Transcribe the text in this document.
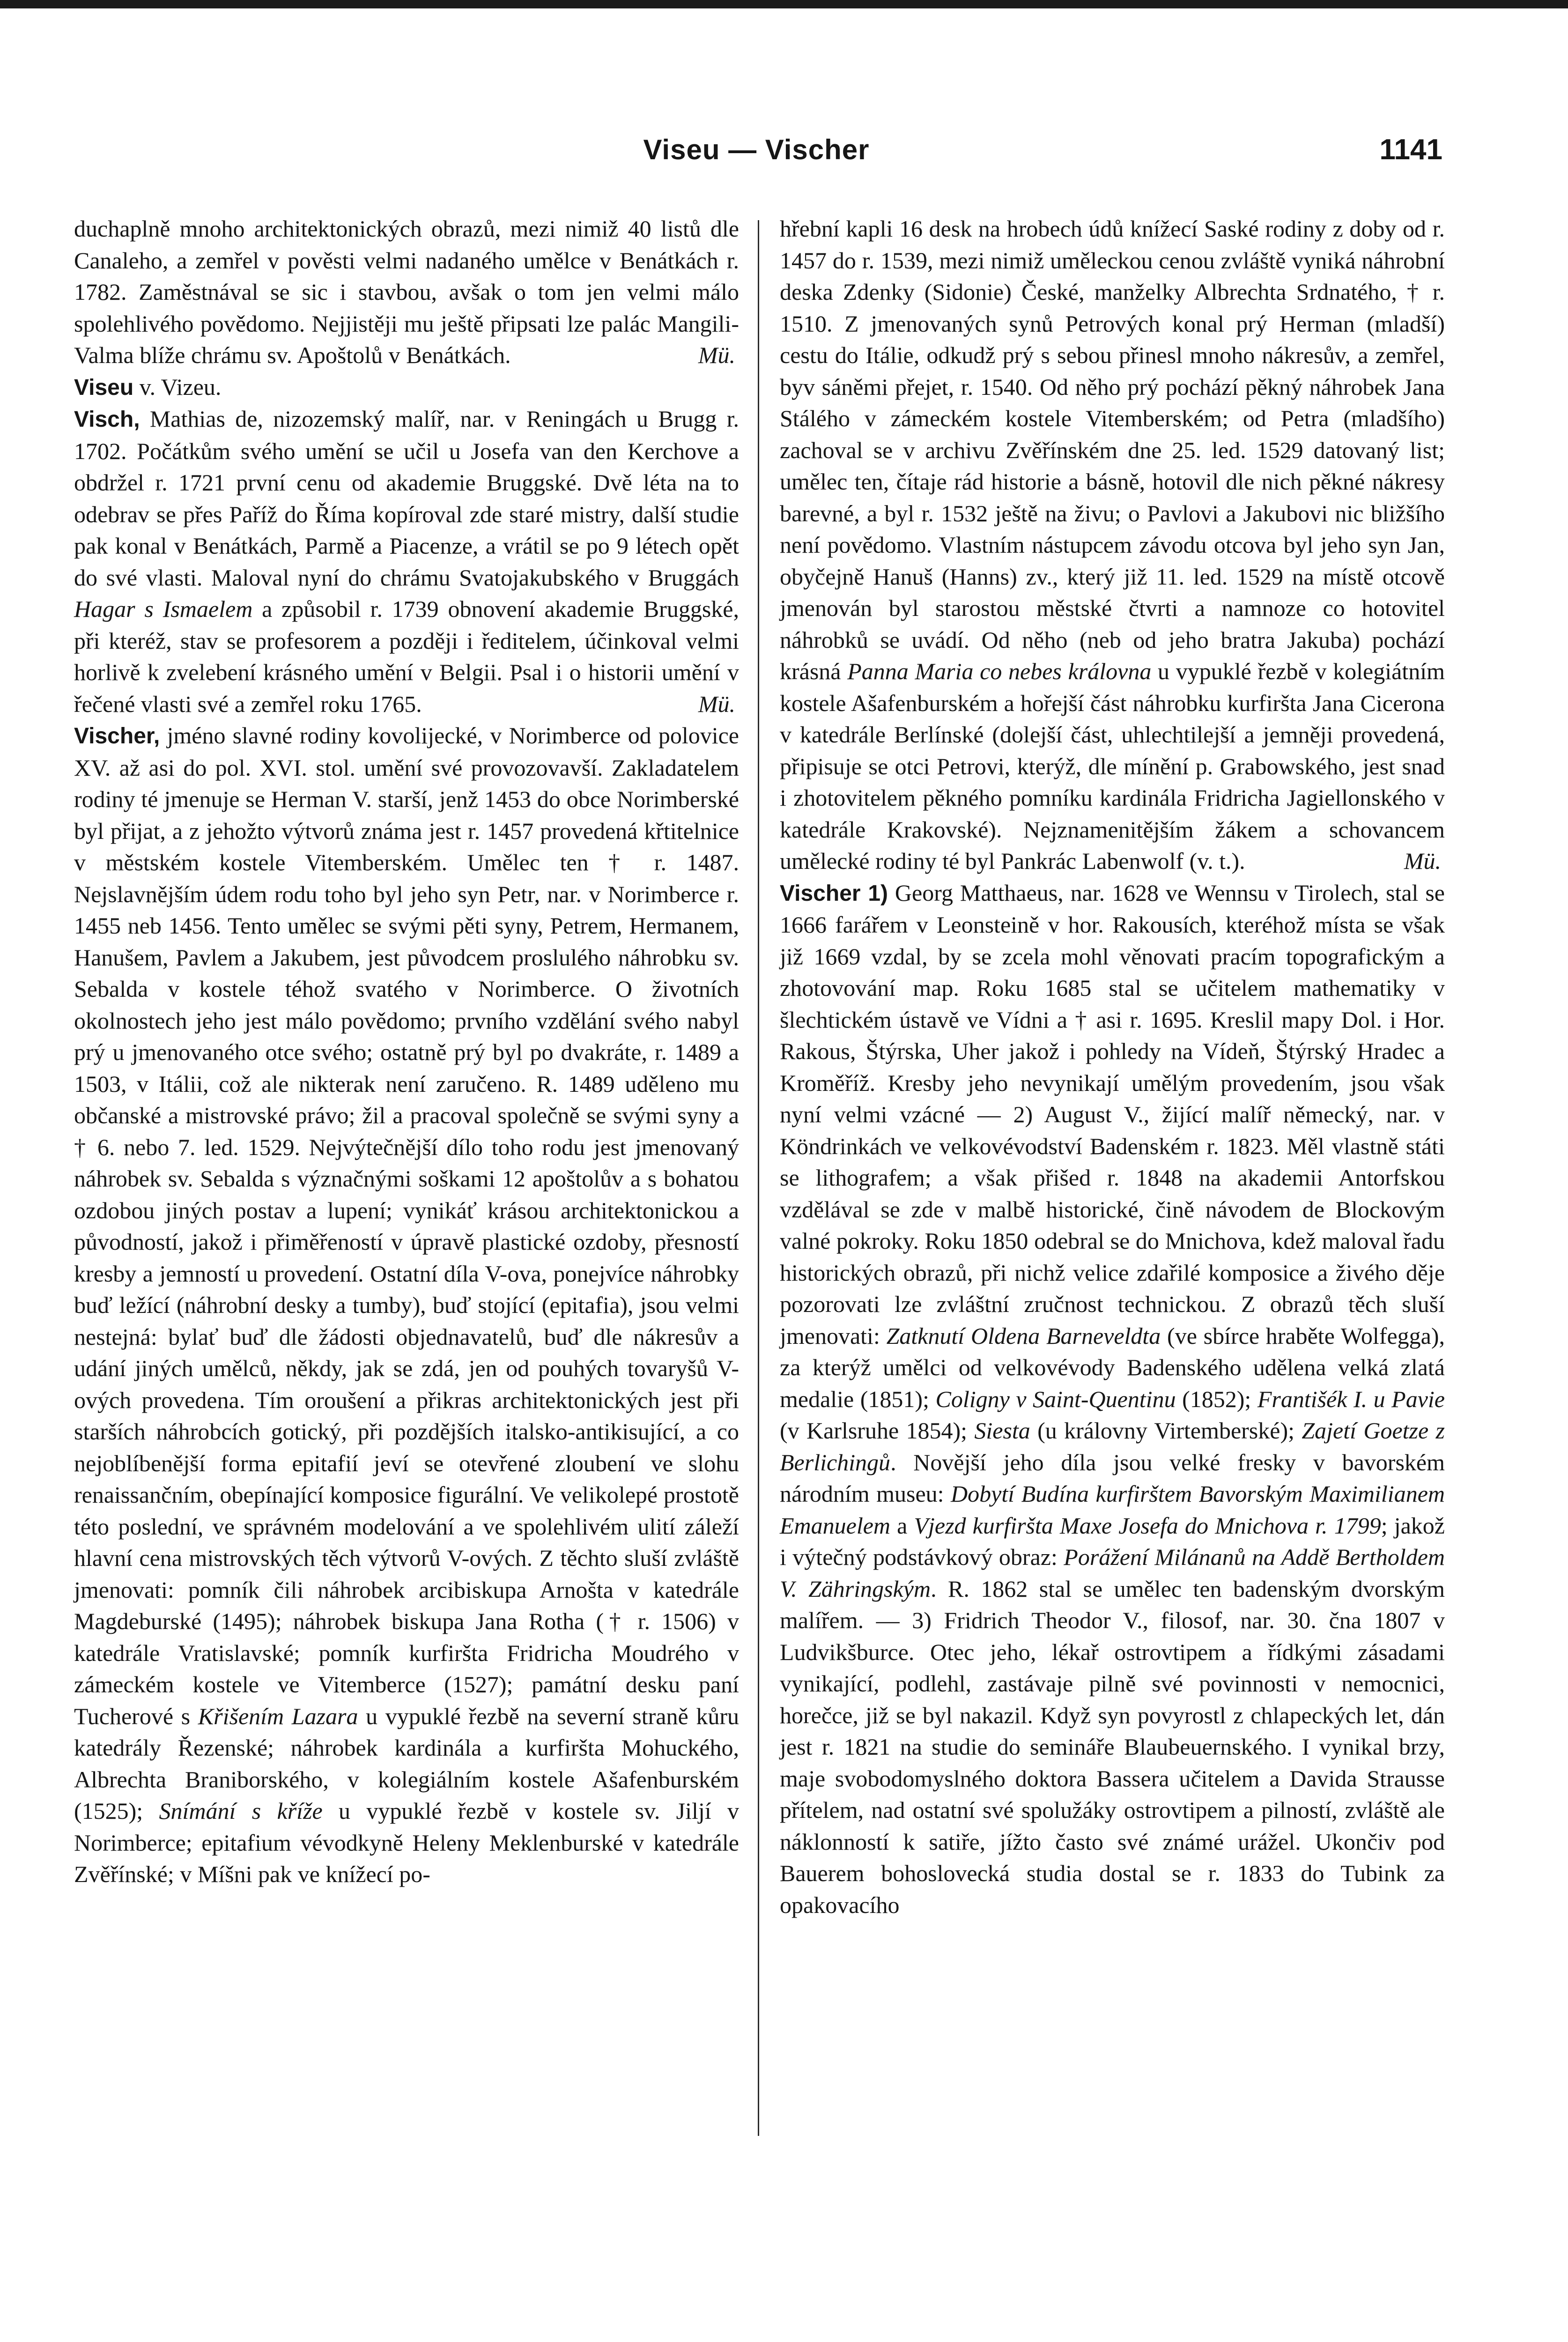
Viseu — Vischer	1141

duchaplně mnoho architektonických obrazů, mezi nimiž 40 listů dle Canaleho, a zemřel v pověsti velmi nadaného umělce v Benátkách r. 1782. Zaměstnával se sic i stavbou, avšak o tom jen velmi málo spolehlivého povědomo. Nejjistěji mu ještě připsati lze palác Mangili-Valma blíže chrámu sv. Apoštolů v Benátkách.	Mü.

Viseu v. Vizeu.

Visch, Mathias de, nizozemský malíř, nar. v Reningách u Brugg r. 1702. Počátkům svého umění se učil u Josefa van den Kerchove a obdržel r. 1721 první cenu od akademie Bruggské. Dvě léta na to odebrav se přes Paříž do Říma kopíroval zde staré mistry, další studie pak konal v Benátkách, Parmě a Piacenze, a vrátil se po 9 létech opět do své vlasti. Maloval nyní do chrámu Svatojakubského v Bruggách Hagar s Ismaelem a způsobil r. 1739 obnovení akademie Bruggské, při kteréž, stav se profesorem a později i ředitelem, účinkoval velmi horlivě k zvelebení krásného umění v Belgii. Psal i o historii umění v řečené vlasti své a zemřel roku 1765.	Mü.

Vischer, jméno slavné rodiny kovolijecké, v Norimberce od polovice XV. až asi do pol. XVI. stol. umění své provozovavší. Zakladatelem rodiny té jmenuje se Herman V. starší, jenž 1453 do obce Norimberské byl přijat, a z jehožto výtvorů známa jest r. 1457 provedená křtitelnice v městském kostele Vitemberském. Umělec ten † r. 1487. Nejslavnějším údem rodu toho byl jeho syn Petr, nar. v Norimberce r. 1455 neb 1456. Tento umělec se svými pěti syny, Petrem, Hermanem, Hanušem, Pavlem a Jakubem, jest původcem proslulého náhrobku sv. Sebalda v kostele téhož svatého v Norimberce. O životních okolnostech jeho jest málo povědomo; prvního vzdělání svého nabyl prý u jmenovaného otce svého; ostatně prý byl po dvakráte, r. 1489 a 1503, v Itálii, což ale nikterak není zaručeno. R. 1489 uděleno mu občanské a mistrovské právo; žil a pracoval společně se svými syny a † 6. nebo 7. led. 1529. Nejvýtečnější dílo toho rodu jest jmenovaný náhrobek sv. Sebalda s význačnými soškami 12 apoštolův a s bohatou ozdobou jiných postav a lupení; vynikáť krásou architektonickou a původností, jakož i přiměřeností v úpravě plastické ozdoby, přesností kresby a jemností u provedení. Ostatní díla V-ova, ponejvíce náhrobky buď ležící (náhrobní desky a tumby), buď stojící (epitafia), jsou velmi nestejná: bylať buď dle žádosti objednavatelů, buď dle nákresův a udání jiných umělců, někdy, jak se zdá, jen od pouhých tovaryšů V-ových provedena. Tím oroušení a přikras architektonických jest při starších náhrobcích gotický, při pozdějších italsko-antikisující, a co nejoblíbenější forma epitafií jeví se otevřené zloubení ve slohu renaissančním, obepínající komposice figurální. Ve velikolepé prostotě této poslední, ve správném modelování a ve spolehlivém ulití záleží hlavní cena mistrovských těch výtvorů V-ových. Z těchto sluší zvláště jmenovati: pomník čili náhrobek arcibiskupa Arnošta v katedrále Magdeburské (1495); náhrobek biskupa Jana Rotha († r. 1506) v katedrále Vratislavské; pomník kurfiršta Fridricha Moudrého v zámeckém kostele ve Vitemberce (1527); památní desku paní Tucherové s Křišením Lazara u vypuklé řezbě na severní straně kůru katedrály Řezenské; náhrobek kardinála a kurfiršta Mohuckého, Albrechta Braniborského, v kolegiálním kostele Ašafenburském (1525); Snímání s kříže u vypuklé řezbě v kostele sv. Jiljí v Norimberce; epitafium vévodkyně Heleny Meklenburské v katedrále Zvěřínské; v Míšni pak ve knížecí po-

hřební kapli 16 desk na hrobech údů knížecí Saské rodiny z doby od r. 1457 do r. 1539, mezi nimiž uměleckou cenou zvláště vyniká náhrobní deska Zdenky (Sidonie) České, manželky Albrechta Srdnatého, † r. 1510. Z jmenovaných synů Petrových konal prý Herman (mladší) cestu do Itálie, odkudž prý s sebou přinesl mnoho nákresův, a zemřel, byv sáněmi přejet, r. 1540. Od něho prý pochází pěkný náhrobek Jana Stálého v zámeckém kostele Vitemberském; od Petra (mladšího) zachoval se v archivu Zvěřínském dne 25. led. 1529 datovaný list; umělec ten, čítaje rád historie a básně, hotovil dle nich pěkné nákresy barevné, a byl r. 1532 ještě na živu; o Pavlovi a Jakubovi nic bližšího není povědomo. Vlastním nástupcem závodu otcova byl jeho syn Jan, obyčejně Hanuš (Hanns) zv., který již 11. led. 1529 na místě otcově jmenován byl starostou městské čtvrti a namnoze co hotovitel náhrobků se uvádí. Od něho (neb od jeho bratra Jakuba) pochází krásná Panna Maria co nebes královna u vypuklé řezbě v kolegiátním kostele Ašafenburském a hořejší část náhrobku kurfiršta Jana Cicerona v katedrále Berlínské (dolejší část, uhlechtilejší a jemněji provedená, připisuje se otci Petrovi, kterýž, dle mínění p. Grabowského, jest snad i zhotovitelem pěkného pomníku kardinála Fridricha Jagiellonského v katedrále Krakovské). Nejznamenitějším žákem a schovancem umělecké rodiny té byl Pankrác Labenwolf (v. t.).	Mü.

Vischer 1) Georg Matthaeus, nar. 1628 ve Wennsu v Tirolech, stal se 1666 farářem v Leonsteině v hor. Rakousích, kteréhož místa se však již 1669 vzdal, by se zcela mohl věnovati pracím topografickým a zhotovování map. Roku 1685 stal se učitelem mathematiky v šlechtickém ústavě ve Vídni a † asi r. 1695. Kreslil mapy Dol. i Hor. Rakous, Štýrska, Uher jakož i pohledy na Vídeň, Štýrský Hradec a Kroměříž. Kresby jeho nevynikají umělým provedením, jsou však nyní velmi vzácné — 2) August V., žijící malíř německý, nar. v Köndrinkách ve velkovévodství Badenském r. 1823. Měl vlastně státi se lithografem; a však přišed r. 1848 na akademii Antorfskou vzdělával se zde v malbě historické, čině návodem de Blockovým valné pokroky. Roku 1850 odebral se do Mnichova, kdež maloval řadu historických obrazů, při nichž velice zdařilé komposice a živého děje pozorovati lze zvláštní zručnost technickou. Z obrazů těch sluší jmenovati: Zatknutí Oldena Barneveldta (ve sbírce hraběte Wolfegga), za kterýž umělci od velkovévody Badenského udělena velká zlatá medalie (1851); Coligny v Saint-Quentinu (1852); Františék I. u Pavie (v Karlsruhe 1854); Siesta (u královny Virtemberské); Zajetí Goetze z Berlichingů. Novější jeho díla jsou velké fresky v bavorském národním museu: Dobytí Budína kurfirštem Bavorským Maximilianem Emanuelem a Vjezd kurfiršta Maxe Josefa do Mnichova r. 1799; jakož i výtečný podstávkový obraz: Porážení Milánanů na Addě Bertholdem V. Zähringským. R. 1862 stal se umělec ten badenským dvorským malířem. — 3) Fridrich Theodor V., filosof, nar. 30. čna 1807 v Ludvikšburce. Otec jeho, lékař ostrovtipem a řídkými zásadami vynikající, podlehl, zastávaje pilně své povinnosti v nemocnici, horečce, již se byl nakazil. Když syn povyrostl z chlapeckých let, dán jest r. 1821 na studie do semináře Blaubeuernského. I vynikal brzy, maje svobodomyslného doktora Bassera učitelem a Davida Strausse přítelem, nad ostatní své spolužáky ostrovtipem a pilností, zvláště ale náklonností k satiře, jížto často své známé urážel. Ukončiv pod Bauerem bohoslovecká studia dostal se r. 1833 do Tubink za opakovacího
